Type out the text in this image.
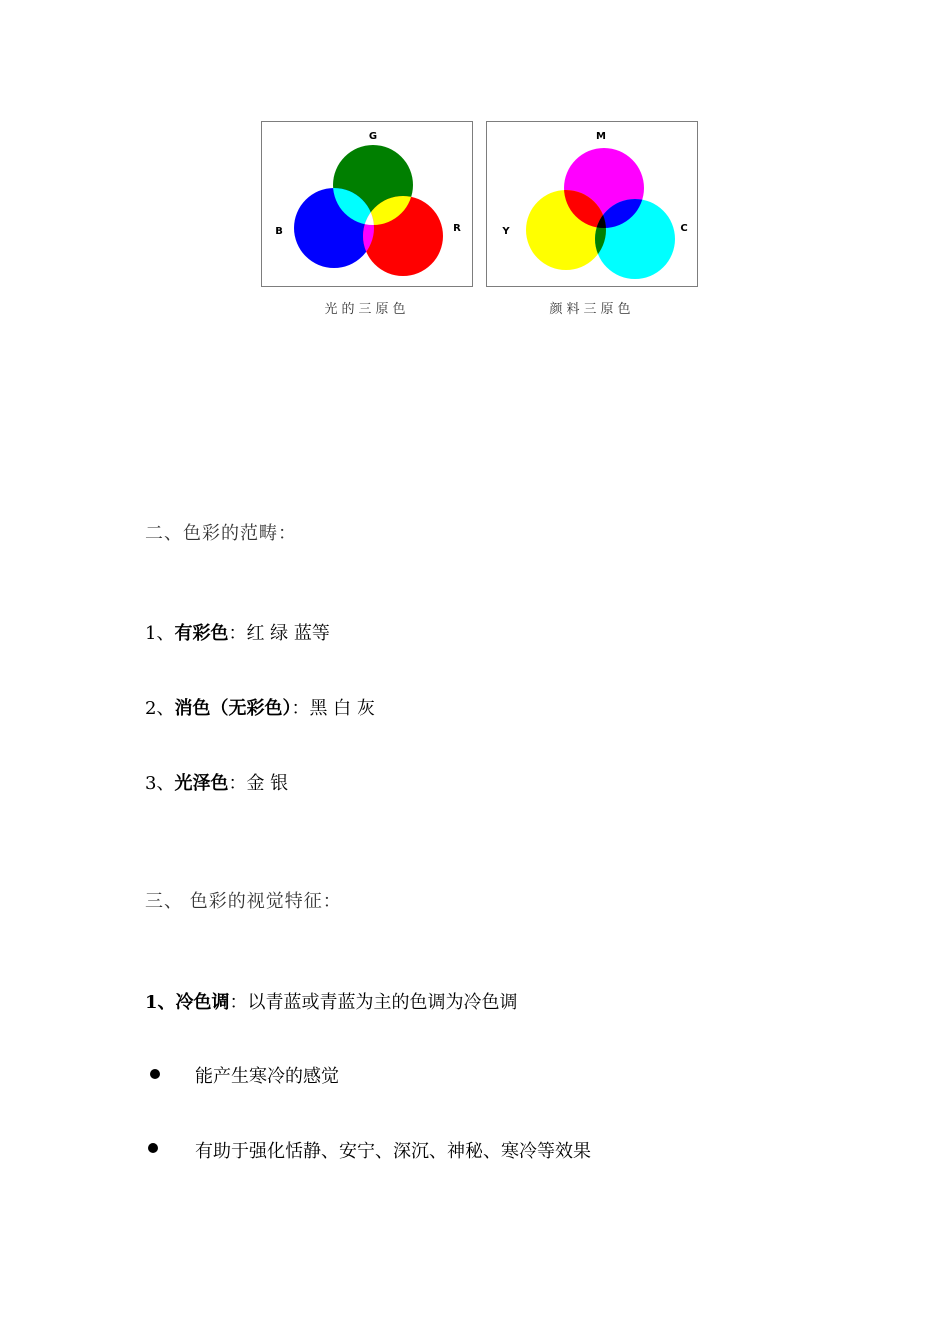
G
B	R
光的三原色
M
Y	C
颜料三原色
二、色彩的范畴：
1、有彩色：红 绿 蓝等
2、消色（无彩色）：黑 白 灰
3、光泽色：金 银
三、 色彩的视觉特征：
1、冷色调：以青蓝或青蓝为主的色调为冷色调
能产生寒冷的感觉
有助于强化恬静、安宁、深沉、神秘、寒冷等效果
